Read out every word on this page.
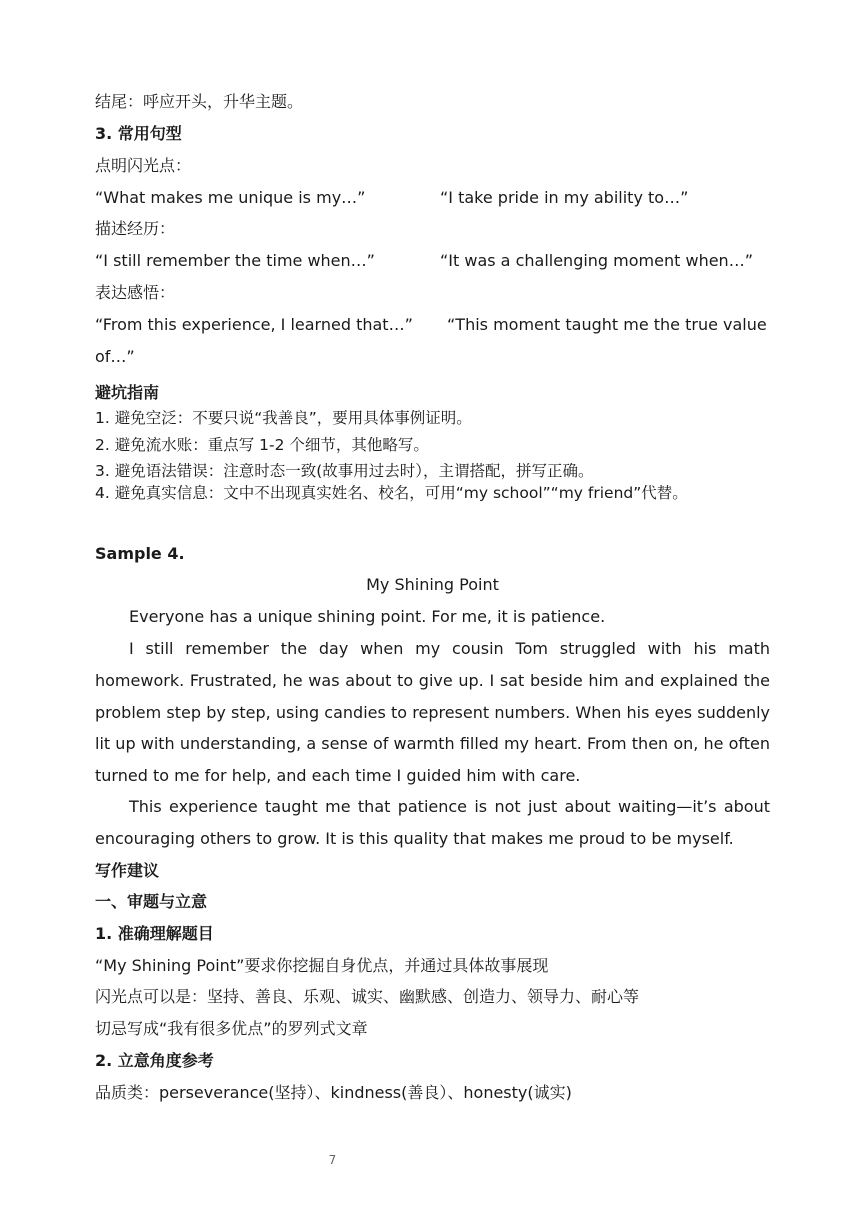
结尾：呼应开头，升华主题。
3. 常用句型
点明闪光点：
“What makes me unique is my…”	“I take pride in my ability to…”
描述经历：
“I still remember the time when…”	“It was a challenging moment when…”
表达感悟：
“From this experience, I learned that…” “This moment taught me the true value
of…”
避坑指南
1. 避免空泛：不要只说“我善良”，要用具体事例证明。
2. 避免流水账：重点写 1-2 个细节，其他略写。
3. 避免语法错误：注意时态一致(故事用过去时），主谓搭配，拼写正确。
4. 避免真实信息：文中不出现真实姓名、校名，可用“my school”“my friend”代替。
Sample 4.
My Shining Point
Everyone has a unique shining point. For me, it is patience.
I still remember the day when my cousin Tom struggled with his math homework. Frustrated, he was about to give up. I sat beside him and explained the problem step by step, using candies to represent numbers. When his eyes suddenly lit up with understanding, a sense of warmth filled my heart. From then on, he often turned to me for help, and each time I guided him with care.
This experience taught me that patience is not just about waiting—it’s about encouraging others to grow. It is this quality that makes me proud to be myself.
写作建议
一、审题与立意
1. 准确理解题目
“My Shining Point”要求你挖掘自身优点，并通过具体故事展现
闪光点可以是：坚持、善良、乐观、诚实、幽默感、创造力、领导力、耐心等
切忌写成“我有很多优点”的罗列式文章
2. 立意角度参考
品质类：perseverance(坚持）、kindness(善良）、honesty(诚实)
7
